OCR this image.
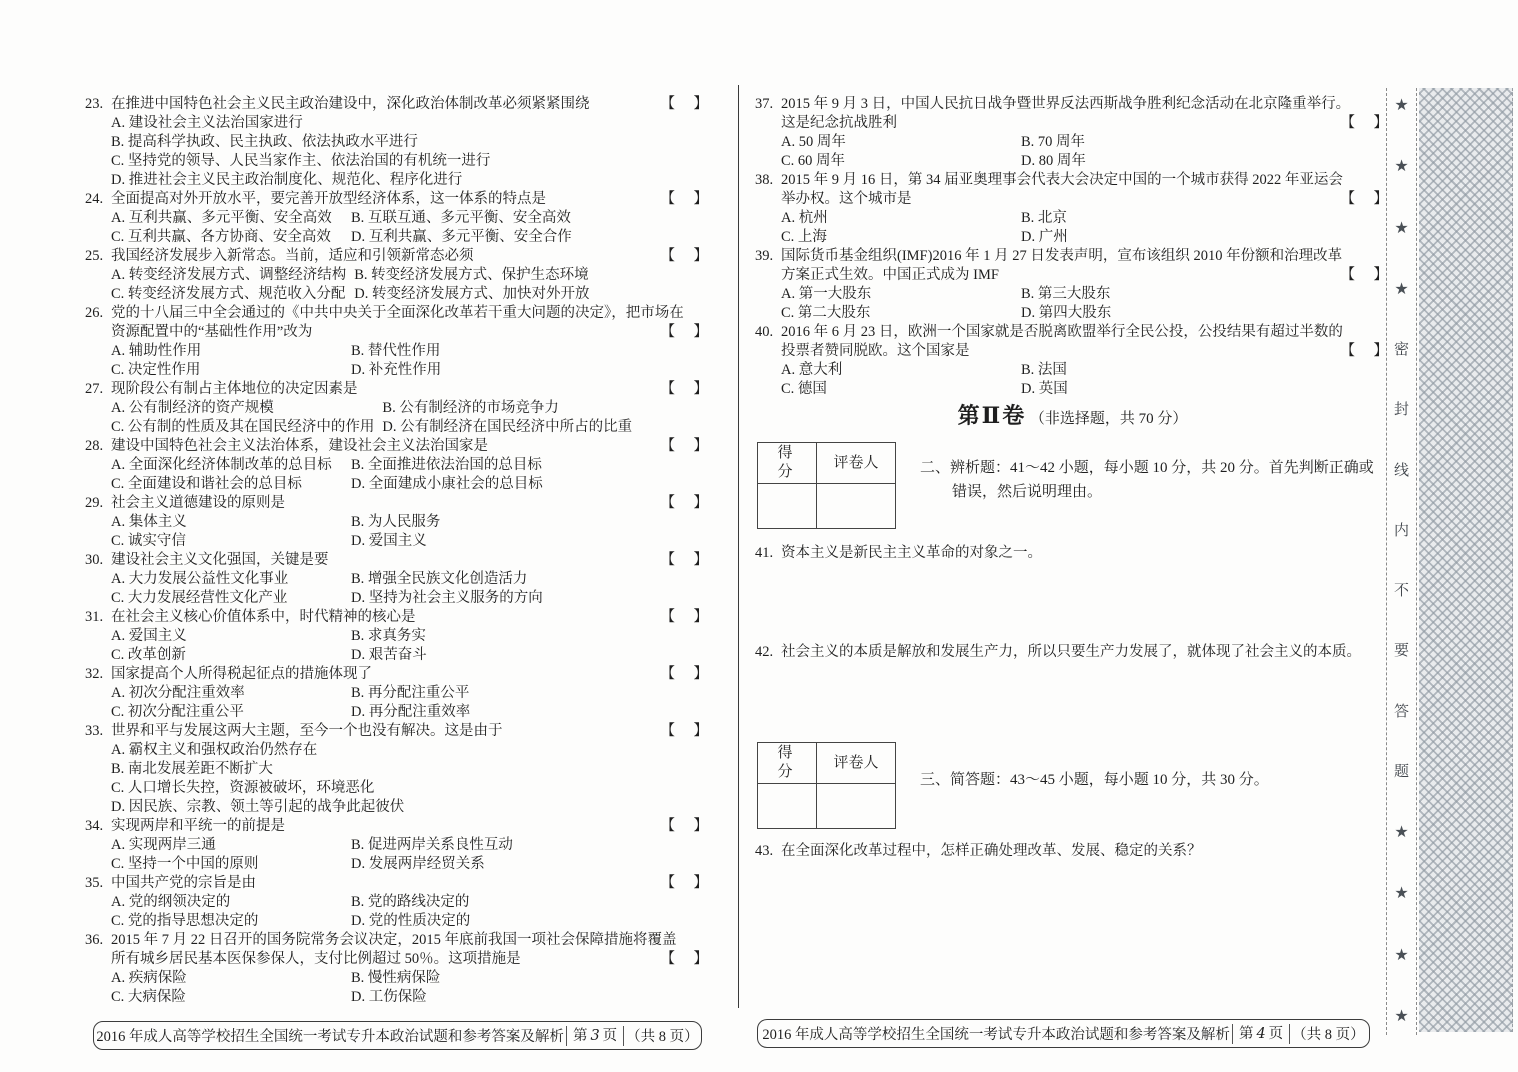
23. 在推进中国特色社会主义民主政治建设中，深化政治体制改革必须紧紧围绕	【　】
A. 建设社会主义法治国家进行
B. 提高科学执政、民主执政、依法执政水平进行
C. 坚持党的领导、人民当家作主、依法治国的有机统一进行
D. 推进社会主义民主政治制度化、规范化、程序化进行
24. 全面提高对外开放水平，要完善开放型经济体系，这一体系的特点是	【　】
A. 互利共赢、多元平衡、安全高效	B. 互联互通、多元平衡、安全高效
C. 互利共赢、各方协商、安全高效	D. 互利共赢、多元平衡、安全合作
25. 我国经济发展步入新常态。当前，适应和引领新常态必须	【　】
A. 转变经济发展方式、调整经济结构 B. 转变经济发展方式、保护生态环境
C. 转变经济发展方式、规范收入分配 D. 转变经济发展方式、加快对外开放
26. 党的十八届三中全会通过的《中共中央关于全面深化改革若干重大问题的决定》，把市场在
资源配置中的“基础性作用”改为	【　】
A. 辅助性作用	B. 替代性作用
C. 决定性作用	D. 补充性作用
27. 现阶段公有制占主体地位的决定因素是	【　】
A. 公有制经济的资产规模	B. 公有制经济的市场竞争力
C. 公有制的性质及其在国民经济中的作用 D. 公有制经济在国民经济中所占的比重
28. 建设中国特色社会主义法治体系，建设社会主义法治国家是	【　】
A. 全面深化经济体制改革的总目标	B. 全面推进依法治国的总目标
C. 全面建设和谐社会的总目标	D. 全面建成小康社会的总目标
29. 社会主义道德建设的原则是	【　】
A. 集体主义	B. 为人民服务
C. 诚实守信	D. 爱国主义
30. 建设社会主义文化强国，关键是要	【　】
A. 大力发展公益性文化事业	B. 增强全民族文化创造活力
C. 大力发展经营性文化产业	D. 坚持为社会主义服务的方向
31. 在社会主义核心价值体系中，时代精神的核心是	【　】
A. 爱国主义	B. 求真务实
C. 改革创新	D. 艰苦奋斗
32. 国家提高个人所得税起征点的措施体现了	【　】
A. 初次分配注重效率	B. 再分配注重公平
C. 初次分配注重公平	D. 再分配注重效率
33. 世界和平与发展这两大主题，至今一个也没有解决。这是由于	【　】
A. 霸权主义和强权政治仍然存在
B. 南北发展差距不断扩大
C. 人口增长失控，资源被破坏，环境恶化
D. 因民族、宗教、领土等引起的战争此起彼伏
34. 实现两岸和平统一的前提是	【　】
A. 实现两岸三通	B. 促进两岸关系良性互动
C. 坚持一个中国的原则	D. 发展两岸经贸关系
35. 中国共产党的宗旨是由	【　】
A. 党的纲领决定的	B. 党的路线决定的
C. 党的指导思想决定的	D. 党的性质决定的
36. 2015 年 7 月 22 日召开的国务院常务会议决定，2015 年底前我国一项社会保障措施将覆盖
所有城乡居民基本医保参保人，支付比例超过 50％。这项措施是	【　】
A. 疾病保险	B. 慢性病保险
C. 大病保险	D. 工伤保险
37. 2015 年 9 月 3 日，中国人民抗日战争暨世界反法西斯战争胜利纪念活动在北京隆重举行。
这是纪念抗战胜利	【　】
A. 50 周年	B. 70 周年
C. 60 周年	D. 80 周年
38. 2015 年 9 月 16 日，第 34 届亚奥理事会代表大会决定中国的一个城市获得 2022 年亚运会
举办权。这个城市是	【　】
A. 杭州	B. 北京
C. 上海	D. 广州
39. 国际货币基金组织(IMF)2016 年 1 月 27 日发表声明，宣布该组织 2010 年份额和治理改革
方案正式生效。中国正式成为 IMF	【　】
A. 第一大股东	B. 第三大股东
C. 第二大股东	D. 第四大股东
40. 2016 年 6 月 23 日，欧洲一个国家就是否脱离欧盟举行全民公投，公投结果有超过半数的
投票者赞同脱欧。这个国家是	【　】
A. 意大利	B. 法国
C. 德国	D. 英国
第Ⅱ卷 （非选择题，共 70 分）
得　分	评卷人
		二、辨析题：41～42 小题，每小题 10 分，共 20 分。首先判断正确或
错误，然后说明理由。
41. 资本主义是新民主主义革命的对象之一。
42. 社会主义的本质是解放和发展生产力，所以只要生产力发展了，就体现了社会主义的本质。
得　分	评卷人

三、简答题：43～45 小题，每小题 10 分，共 30 分。
43. 在全面深化改革过程中，怎样正确处理改革、发展、稳定的关系？
2016 年成人高等学校招生全国统一考试专升本政治试题和参考答案及解析 第 3 页 （共 8 页）	2016 年成人高等学校招生全国统一考试专升本政治试题和参考答案及解析 第 4 页 （共 8 页）
★
★
★
★
密
封
线
内
不
要
答
题
★
★
★
★
